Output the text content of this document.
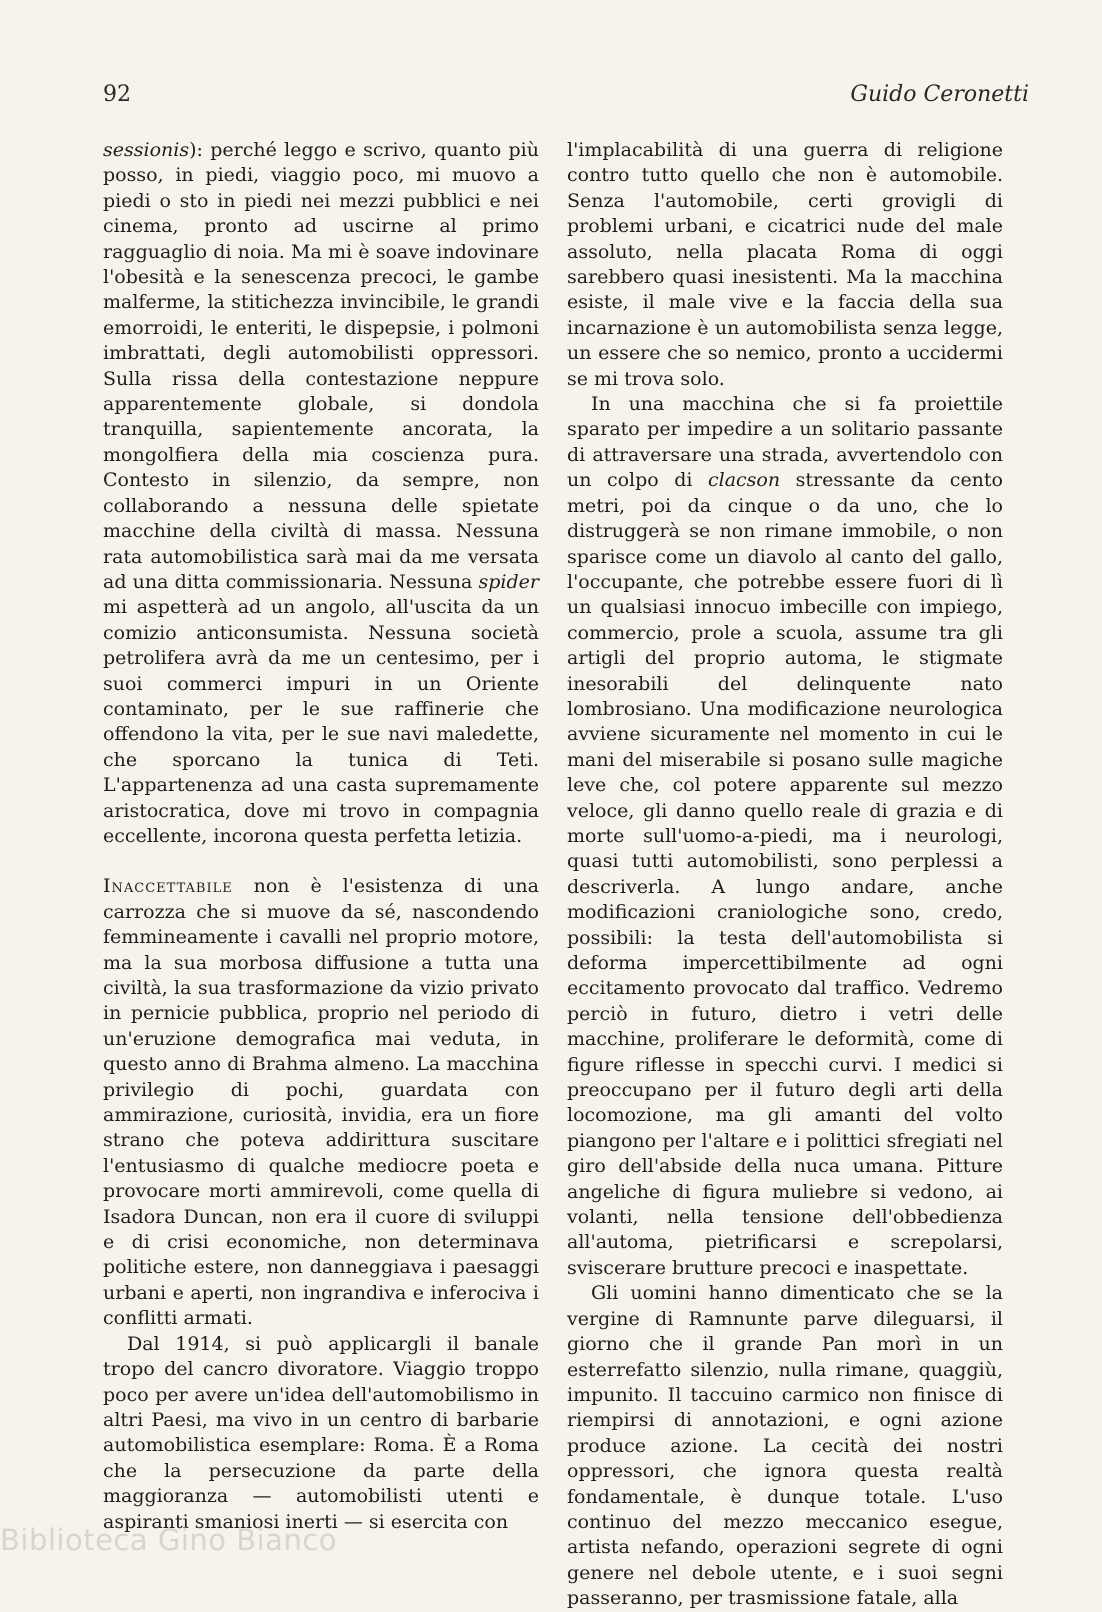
92	Guido Ceronetti

sessionis): perché leggo e scrivo, quanto più posso, in piedi, viaggio poco, mi muovo a piedi o sto in piedi nei mezzi pubblici e nei cinema, pronto ad uscirne al primo ragguaglio di noia. Ma mi è soave indovinare l'obesità e la senescenza precoci, le gambe malferme, la stitichezza invincibile, le grandi emorroidi, le enteriti, le dispepsie, i polmoni imbrattati, degli automobilisti oppressori. Sulla rissa della contestazione neppure apparentemente globale, si dondola tranquilla, sapientemente ancorata, la mongolfiera della mia coscienza pura. Contesto in silenzio, da sempre, non collaborando a nessuna delle spietate macchine della civiltà di massa. Nessuna rata automobilistica sarà mai da me versata ad una ditta commissionaria. Nessuna spider mi aspetterà ad un angolo, all'uscita da un comizio anticonsumista. Nessuna società petrolifera avrà da me un centesimo, per i suoi commerci impuri in un Oriente contaminato, per le sue raffinerie che offendono la vita, per le sue navi maledette, che sporcano la tunica di Teti. L'appartenenza ad una casta supremamente aristocratica, dove mi trovo in compagnia eccellente, incorona questa perfetta letizia.

Inaccettabile non è l'esistenza di una carrozza che si muove da sé, nascondendo femmineamente i cavalli nel proprio motore, ma la sua morbosa diffusione a tutta una civiltà, la sua trasformazione da vizio privato in pernicie pubblica, proprio nel periodo di un'eruzione demografica mai veduta, in questo anno di Brahma almeno. La macchina privilegio di pochi, guardata con ammirazione, curiosità, invidia, era un fiore strano che poteva addirittura suscitare l'entusiasmo di qualche mediocre poeta e provocare morti ammirevoli, come quella di Isadora Duncan, non era il cuore di sviluppi e di crisi economiche, non determinava politiche estere, non danneggiava i paesaggi urbani e aperti, non ingrandiva e inferociva i conflitti armati.

Dal 1914, si può applicargli il banale tropo del cancro divoratore. Viaggio troppo poco per avere un'idea dell'automobilismo in altri Paesi, ma vivo in un centro di barbarie automobilistica esemplare: Roma. È a Roma che la persecuzione da parte della maggioranza — automobilisti utenti e aspiranti smaniosi inerti — si esercita con

l'implacabilità di una guerra di religione contro tutto quello che non è automobile. Senza l'automobile, certi grovigli di problemi urbani, e cicatrici nude del male assoluto, nella placata Roma di oggi sarebbero quasi inesistenti. Ma la macchina esiste, il male vive e la faccia della sua incarnazione è un automobilista senza legge, un essere che so nemico, pronto a uccidermi se mi trova solo.

In una macchina che si fa proiettile sparato per impedire a un solitario passante di attraversare una strada, avvertendolo con un colpo di clacson stressante da cento metri, poi da cinque o da uno, che lo distruggerà se non rimane immobile, o non sparisce come un diavolo al canto del gallo, l'occupante, che potrebbe essere fuori di lì un qualsiasi innocuo imbecille con impiego, commercio, prole a scuola, assume tra gli artigli del proprio automa, le stigmate inesorabili del delinquente nato lombrosiano. Una modificazione neurologica avviene sicuramente nel momento in cui le mani del miserabile si posano sulle magiche leve che, col potere apparente sul mezzo veloce, gli danno quello reale di grazia e di morte sull'uomo-a-piedi, ma i neurologi, quasi tutti automobilisti, sono perplessi a descriverla. A lungo andare, anche modificazioni craniologiche sono, credo, possibili: la testa dell'automobilista si deforma impercettibilmente ad ogni eccitamento provocato dal traffico. Vedremo perciò in futuro, dietro i vetri delle macchine, proliferare le deformità, come di figure riflesse in specchi curvi. I medici si preoccupano per il futuro degli arti della locomozione, ma gli amanti del volto piangono per l'altare e i polittici sfregiati nel giro dell'abside della nuca umana. Pitture angeliche di figura muliebre si vedono, ai volanti, nella tensione dell'obbedienza all'automa, pietrificarsi e screpolarsi, sviscerare brutture precoci e inaspettate.

Gli uomini hanno dimenticato che se la vergine di Ramnunte parve dileguarsi, il giorno che il grande Pan morì in un esterrefatto silenzio, nulla rimane, quaggiù, impunito. Il taccuino carmico non finisce di riempirsi di annotazioni, e ogni azione produce azione. La cecità dei nostri oppressori, che ignora questa realtà fondamentale, è dunque totale. L'uso continuo del mezzo meccanico esegue, artista nefando, operazioni segrete di ogni genere nel debole utente, e i suoi segni passeranno, per trasmissione fatale, alla

Biblioteca Gino Bianco
